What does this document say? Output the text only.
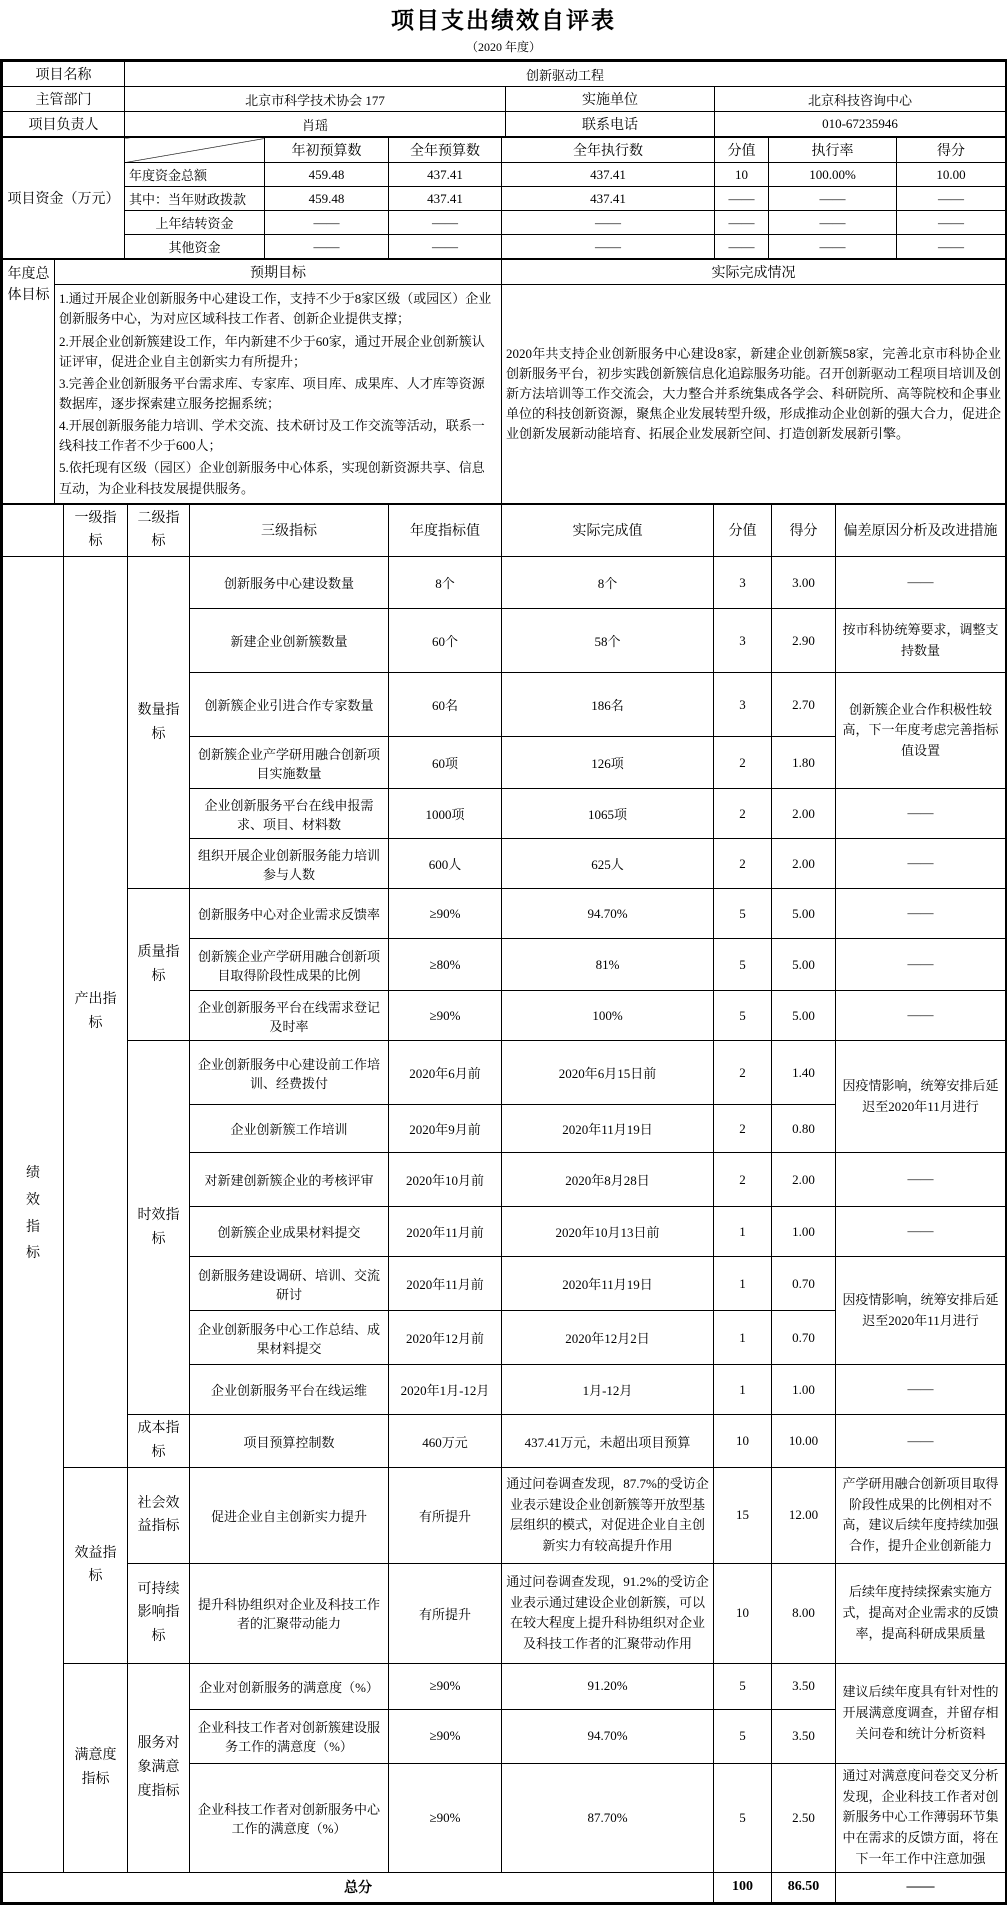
项目支出绩效自评表
（2020 年度）
项目名称	创新驱动工程		
主管部门	北京市科学技术协会 177	实施单位	北京科技咨询中心
项目负责人	肖瑶	联系电话	010-67235946
项目资金（万元）		年初预算数	全年预算数	全年执行数	分值	执行率	得分
	年度资金总额	459.48	437.41	437.41	10	100.00%	10.00
	其中：当年财政拨款	459.48	437.41	437.41	——	——	——
	上年结转资金	——	——	——	——	——	——
	其他资金	——	——	——	——	——	——
年度总体目标	预期目标	实际完成情况

	1.通过开展企业创新服务中心建设工作，支持不少于8家区级（或园区）企业创新服务中心，为对应区域科技工作者、创新企业提供支撑；
2.开展企业创新簇建设工作，年内新建不少于60家，通过开展企业创新簇认证评审，促进企业自主创新实力有所提升；
3.完善企业创新服务平台需求库、专家库、项目库、成果库、人才库等资源数据库，逐步探索建立服务挖掘系统；
4.开展创新服务能力培训、学术交流、技术研讨及工作交流等活动，联系一线科技工作者不少于600人；
5.依托现有区级（园区）企业创新服务中心体系，实现创新资源共享、信息互动，为企业科技发展提供服务。	2020年共支持企业创新服务中心建设8家，新建企业创新簇58家，完善北京市科协企业创新服务平台，初步实践创新簇信息化追踪服务功能。召开创新驱动工程项目培训及创新方法培训等工作交流会，大力整合并系统集成各学会、科研院所、高等院校和企事业单位的科技创新资源，聚焦企业发展转型升级，形成推动企业创新的强大合力，促进企业创新发展新动能培育、拓展企业发展新空间、打造创新发展新引擎。

	一级指标	二级指标	三级指标	年度指标值	实际完成值	分值	得分	偏差原因分析及改进措施

绩效指标	产出指标	数量指标	创新服务中心建设数量	8个	8个	3	3.00	——
			新建企业创新簇数量	60个	58个	3	2.90	按市科协统筹要求，调整支持数量
			创新簇企业引进合作专家数量	60名	186名	3	2.70	创新簇企业合作积极性较高，下一年度考虑完善指标值设置
			创新簇企业产学研用融合创新项目实施数量	60项	126项	2	1.80	
			企业创新服务平台在线申报需求、项目、材料数	1000项	1065项	2	2.00	——
			组织开展企业创新服务能力培训参与人数	600人	625人	2	2.00	——

		质量指标	创新服务中心对企业需求反馈率	≥90%	94.70%	5	5.00	——
			创新簇企业产学研用融合创新项目取得阶段性成果的比例	≥80%	81%	5	5.00	——
			企业创新服务平台在线需求登记及时率	≥90%	100%	5	5.00	——

		时效指标	企业创新服务中心建设前工作培训、经费拨付	2020年6月前	2020年6月15日前	2	1.40	因疫情影响，统筹安排后延迟至2020年11月进行
			企业创新簇工作培训	2020年9月前	2020年11月19日	2	0.80	
			对新建创新簇企业的考核评审	2020年10月前	2020年8月28日	2	2.00	——
			创新簇企业成果材料提交	2020年11月前	2020年10月13日前	1	1.00	——
			创新服务建设调研、培训、交流研讨	2020年11月前	2020年11月19日	1	0.70	因疫情影响，统筹安排后延迟至2020年11月进行
			企业创新服务中心工作总结、成果材料提交	2020年12月前	2020年12月2日	1	0.70	
			企业创新服务平台在线运维	2020年1月-12月	1月-12月	1	1.00	——

		成本指标	项目预算控制数	460万元	437.41万元，未超出项目预算	10	10.00	——

	效益指标	社会效益指标	促进企业自主创新实力提升	有所提升	通过问卷调查发现，87.7%的受访企业表示建设企业创新簇等开放型基层组织的模式，对促进企业自主创新实力有较高提升作用	15	12.00	产学研用融合创新项目取得阶段性成果的比例相对不高，建议后续年度持续加强合作，提升企业创新能力

		可持续影响指标	提升科协组织对企业及科技工作者的汇聚带动能力	有所提升	通过问卷调查发现，91.2%的受访企业表示通过建设企业创新簇，可以在较大程度上提升科协组织对企业及科技工作者的汇聚带动作用	10	8.00	后续年度持续探索实施方式，提高对企业需求的反馈率，提高科研成果质量

	满意度指标	服务对象满意度指标	企业对创新服务的满意度（%）	≥90%	91.20%	5	3.50	建议后续年度具有针对性的开展满意度调查，并留存相关问卷和统计分析资料
			企业科技工作者对创新簇建设服务工作的满意度（%）	≥90%	94.70%	5	3.50	
			企业科技工作者对创新服务中心工作的满意度（%）	≥90%	87.70%	5	2.50	通过对满意度问卷交叉分析发现，企业科技工作者对创新服务中心工作薄弱环节集中在需求的反馈方面，将在下一年工作中注意加强
总分						100	86.50	——
